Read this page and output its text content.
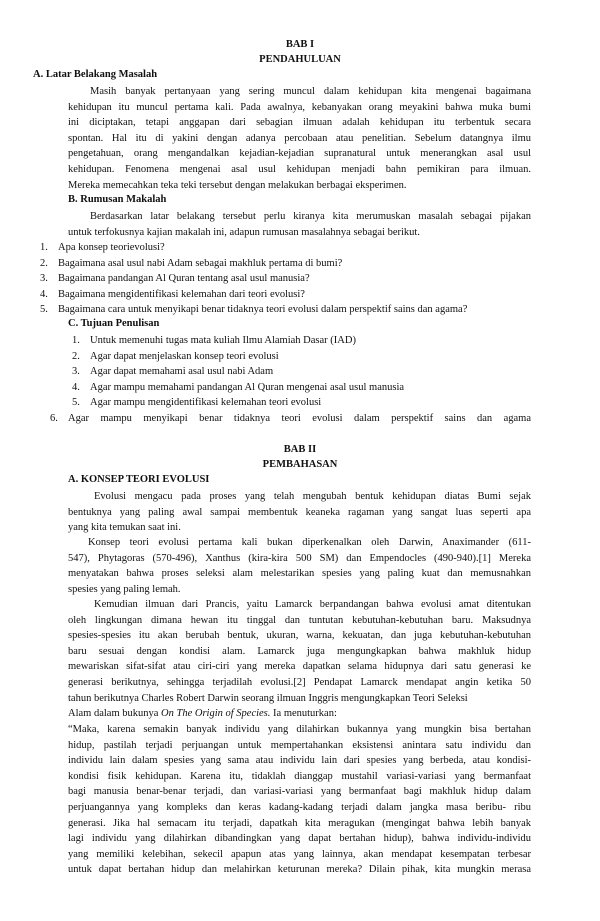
BAB I
PENDAHULUAN
A. Latar Belakang Masalah

Masih banyak pertanyaan yang sering muncul dalam kehidupan kita mengenai bagaimana

kehidupan itu muncul pertama kali. Pada awalnya, kebanyakan orang meyakini bahwa muka bumi

ini diciptakan, tetapi anggapan dari sebagian ilmuan adalah kehidupan itu terbentuk secara

spontan. Hal itu di yakini dengan adanya percobaan atau penelitian. Sebelum datangnya ilmu

pengetahuan, orang mengandalkan kejadian-kejadian supranatural untuk menerangkan asal usul

kehidupan. Fenomena mengenai asal usul kehidupan menjadi bahn pemikiran para ilmuan.

Mereka memecahkan teka teki tersebut dengan melakukan berbagai eksperimen.

B. Rumusan Makalah

Berdasarkan latar belakang tersebut perlu kiranya kita merumuskan masalah sebagai pijakan

untuk terfokusnya kajian makalah ini, adapun rumusan masalahnya sebagai berikut.

1. Apa konsep teorievolusi?
2. Bagaimana asal usul nabi Adam sebagai makhluk pertama di bumi?
3. Bagaimana pandangan Al Quran tentang asal usul manusia?
4. Bagaimana mengidentifikasi kelemahan dari teori evolusi?
5. Bagaimana cara untuk menyikapi benar tidaknya teori evolusi dalam perspektif sains dan agama?
C. Tujuan Penulisan
1. Untuk memenuhi tugas mata kuliah Ilmu Alamiah Dasar (IAD)
2. Agar dapat menjelaskan konsep teori evolusi
3. Agar dapat memahami asal usul nabi Adam
4. Agar mampu memahami pandangan Al Quran mengenai asal usul manusia
5. Agar mampu mengidentifikasi kelemahan teori evolusi
6. Agar mampu menyikapi benar tidaknya teori evolusi dalam perspektif sains dan agama

BAB II
PEMBAHASAN
A. KONSEP TEORI EVOLUSI

Evolusi mengacu pada proses yang telah mengubah bentuk kehidupan diatas Bumi sejak

bentuknya yang paling awal sampai membentuk keaneka ragaman yang sangat luas seperti apa

yang kita temukan saat ini.

Konsep teori evolusi pertama kali bukan diperkenalkan oleh Darwin, Anaximander (611-

547), Phytagoras (570-496), Xanthus (kira-kira 500 SM) dan Empendocles (490-940).[1] Mereka

menyatakan bahwa proses seleksi alam melestarikan spesies yang paling kuat dan memusnahkan

spesies yang paling lemah.

Kemudian ilmuan dari Prancis, yaitu Lamarck berpandangan bahwa evolusi amat ditentukan

oleh lingkungan dimana hewan itu tinggal dan tuntutan kebutuhan-kebutuhan baru. Maksudnya

spesies-spesies itu akan berubah bentuk, ukuran, warna, kekuatan, dan juga kebutuhan-kebutuhan

baru sesuai dengan kondisi alam. Lamarck juga mengungkapkan bahwa makhluk hidup

mewariskan sifat-sifat atau ciri-ciri yang mereka dapatkan selama hidupnya dari satu generasi ke

generasi berikutnya, sehingga terjadilah evolusi.[2] Pendapat Lamarck mendapat angin ketika 50

tahun berikutnya Charles Robert Darwin seorang ilmuan Inggris mengungkapkan Teori Seleksi

Alam dalam bukunya On The Origin of Species. Ia menuturkan:

“Maka, karena semakin banyak individu yang dilahirkan bukannya yang mungkin bisa bertahan

hidup, pastilah terjadi perjuangan untuk mempertahankan eksistensi anintara satu individu dan

individu lain dalam spesies yang sama atau individu lain dari spesies yang berbeda, atau kondisi-

kondisi fisik kehidupan. Karena itu, tidaklah dianggap mustahil variasi-variasi yang bermanfaat

bagi manusia benar-benar terjadi, dan variasi-variasi yang bermanfaat bagi makhluk hidup dalam

perjuangannya yang kompleks dan keras kadang-kadang terjadi dalam jangka masa beribu- ribu

generasi. Jika hal semacam itu terjadi, dapatkah kita meragukan (mengingat bahwa lebih banyak

lagi individu yang dilahirkan dibandingkan yang dapat bertahan hidup), bahwa individu-individu

yang memiliki kelebihan, sekecil apapun atas yang lainnya, akan mendapat kesempatan terbesar

untuk dapat bertahan hidup dan melahirkan keturunan mereka? Dilain pihak, kita mungkin merasa
